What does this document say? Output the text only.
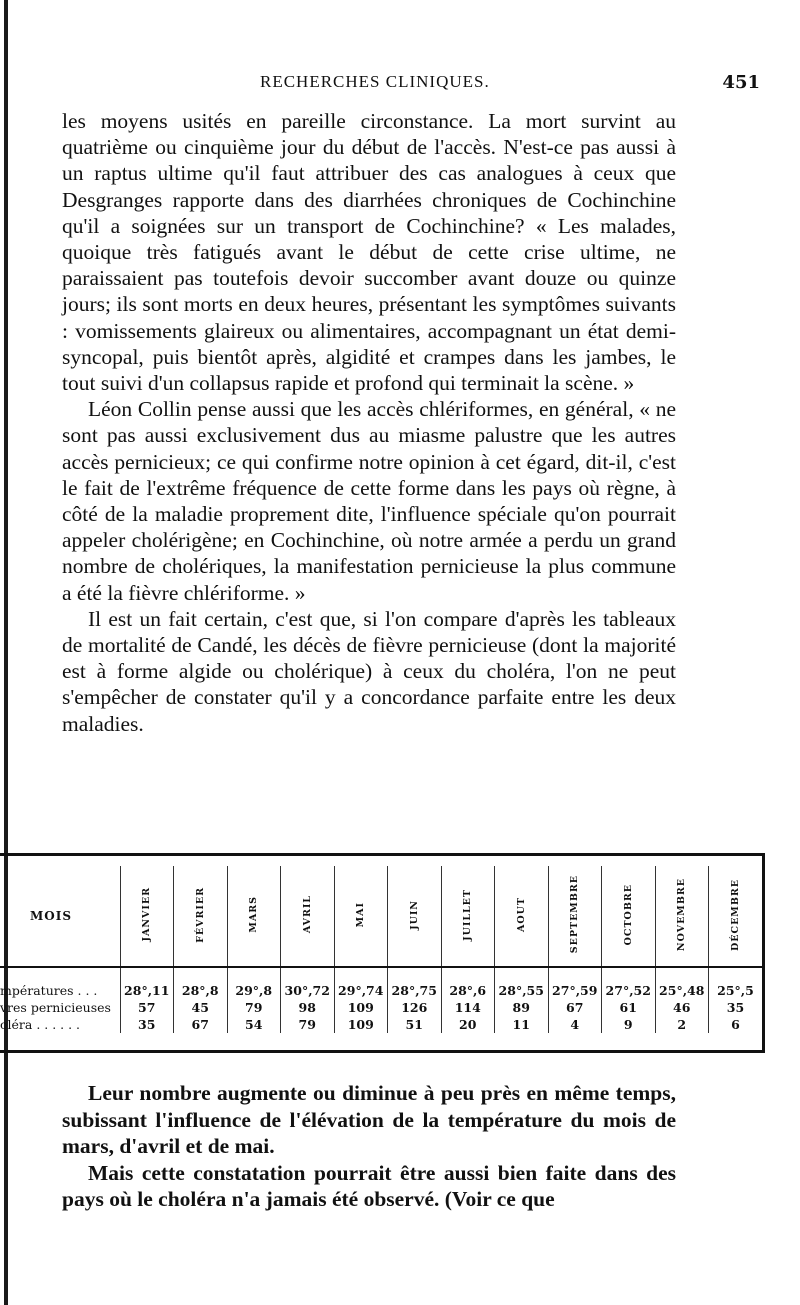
RECHERCHES CLINIQUES.	451

les moyens usités en pareille circonstance. La mort survint au quatrième ou cinquième jour du début de l'accès. N'est-ce pas aussi à un raptus ultime qu'il faut attribuer des cas analogues à ceux que Desgranges rapporte dans des diarrhées chroniques de Cochinchine qu'il a soignées sur un transport de Cochinchine? « Les malades, quoique très fatigués avant le début de cette crise ultime, ne paraissaient pas toutefois devoir succomber avant douze ou quinze jours; ils sont morts en deux heures, présentant les symptômes suivants : vomissements glaireux ou alimentaires, accompagnant un état demi-syncopal, puis bientôt après, algidité et crampes dans les jambes, le tout suivi d'un collapsus rapide et profond qui terminait la scène. »

Léon Collin pense aussi que les accès chlériformes, en général, « ne sont pas aussi exclusivement dus au miasme palustre que les autres accès pernicieux; ce qui confirme notre opinion à cet égard, dit-il, c'est le fait de l'extrême fréquence de cette forme dans les pays où règne, à côté de la maladie proprement dite, l'influence spéciale qu'on pourrait appeler cholérigène; en Cochinchine, où notre armée a perdu un grand nombre de cholériques, la manifestation pernicieuse la plus commune a été la fièvre chlériforme. »

Il est un fait certain, c'est que, si l'on compare d'après les tableaux de mortalité de Candé, les décès de fièvre pernicieuse (dont la majorité est à forme algide ou cholérique) à ceux du choléra, l'on ne peut s'empêcher de constater qu'il y a concordance parfaite entre les deux maladies.

MOIS	JANVIER	FÉVRIER	MARS	AVRIL	MAI	JUIN	JUILLET	AOUT	SEPTEMBRE	OCTOBRE	NOVEMBRE	DÉCEMBRE
mpératures . . .	28°,11	28°,8	29°,8	30°,72	29°,74	28°,75	28°,6	28°,55	27°,59	27°,52	25°,48	25°,5
vres pernicieuses	57	45	79	98	109	126	114	89	67	61	46	35
oléra . . . . . .	35	67	54	79	109	51	20	11	4	9	2	6

Leur nombre augmente ou diminue à peu près en même temps, subissant l'influence de l'élévation de la température du mois de mars, d'avril et de mai.

Mais cette constatation pourrait être aussi bien faite dans des pays où le choléra n'a jamais été observé. (Voir ce que
